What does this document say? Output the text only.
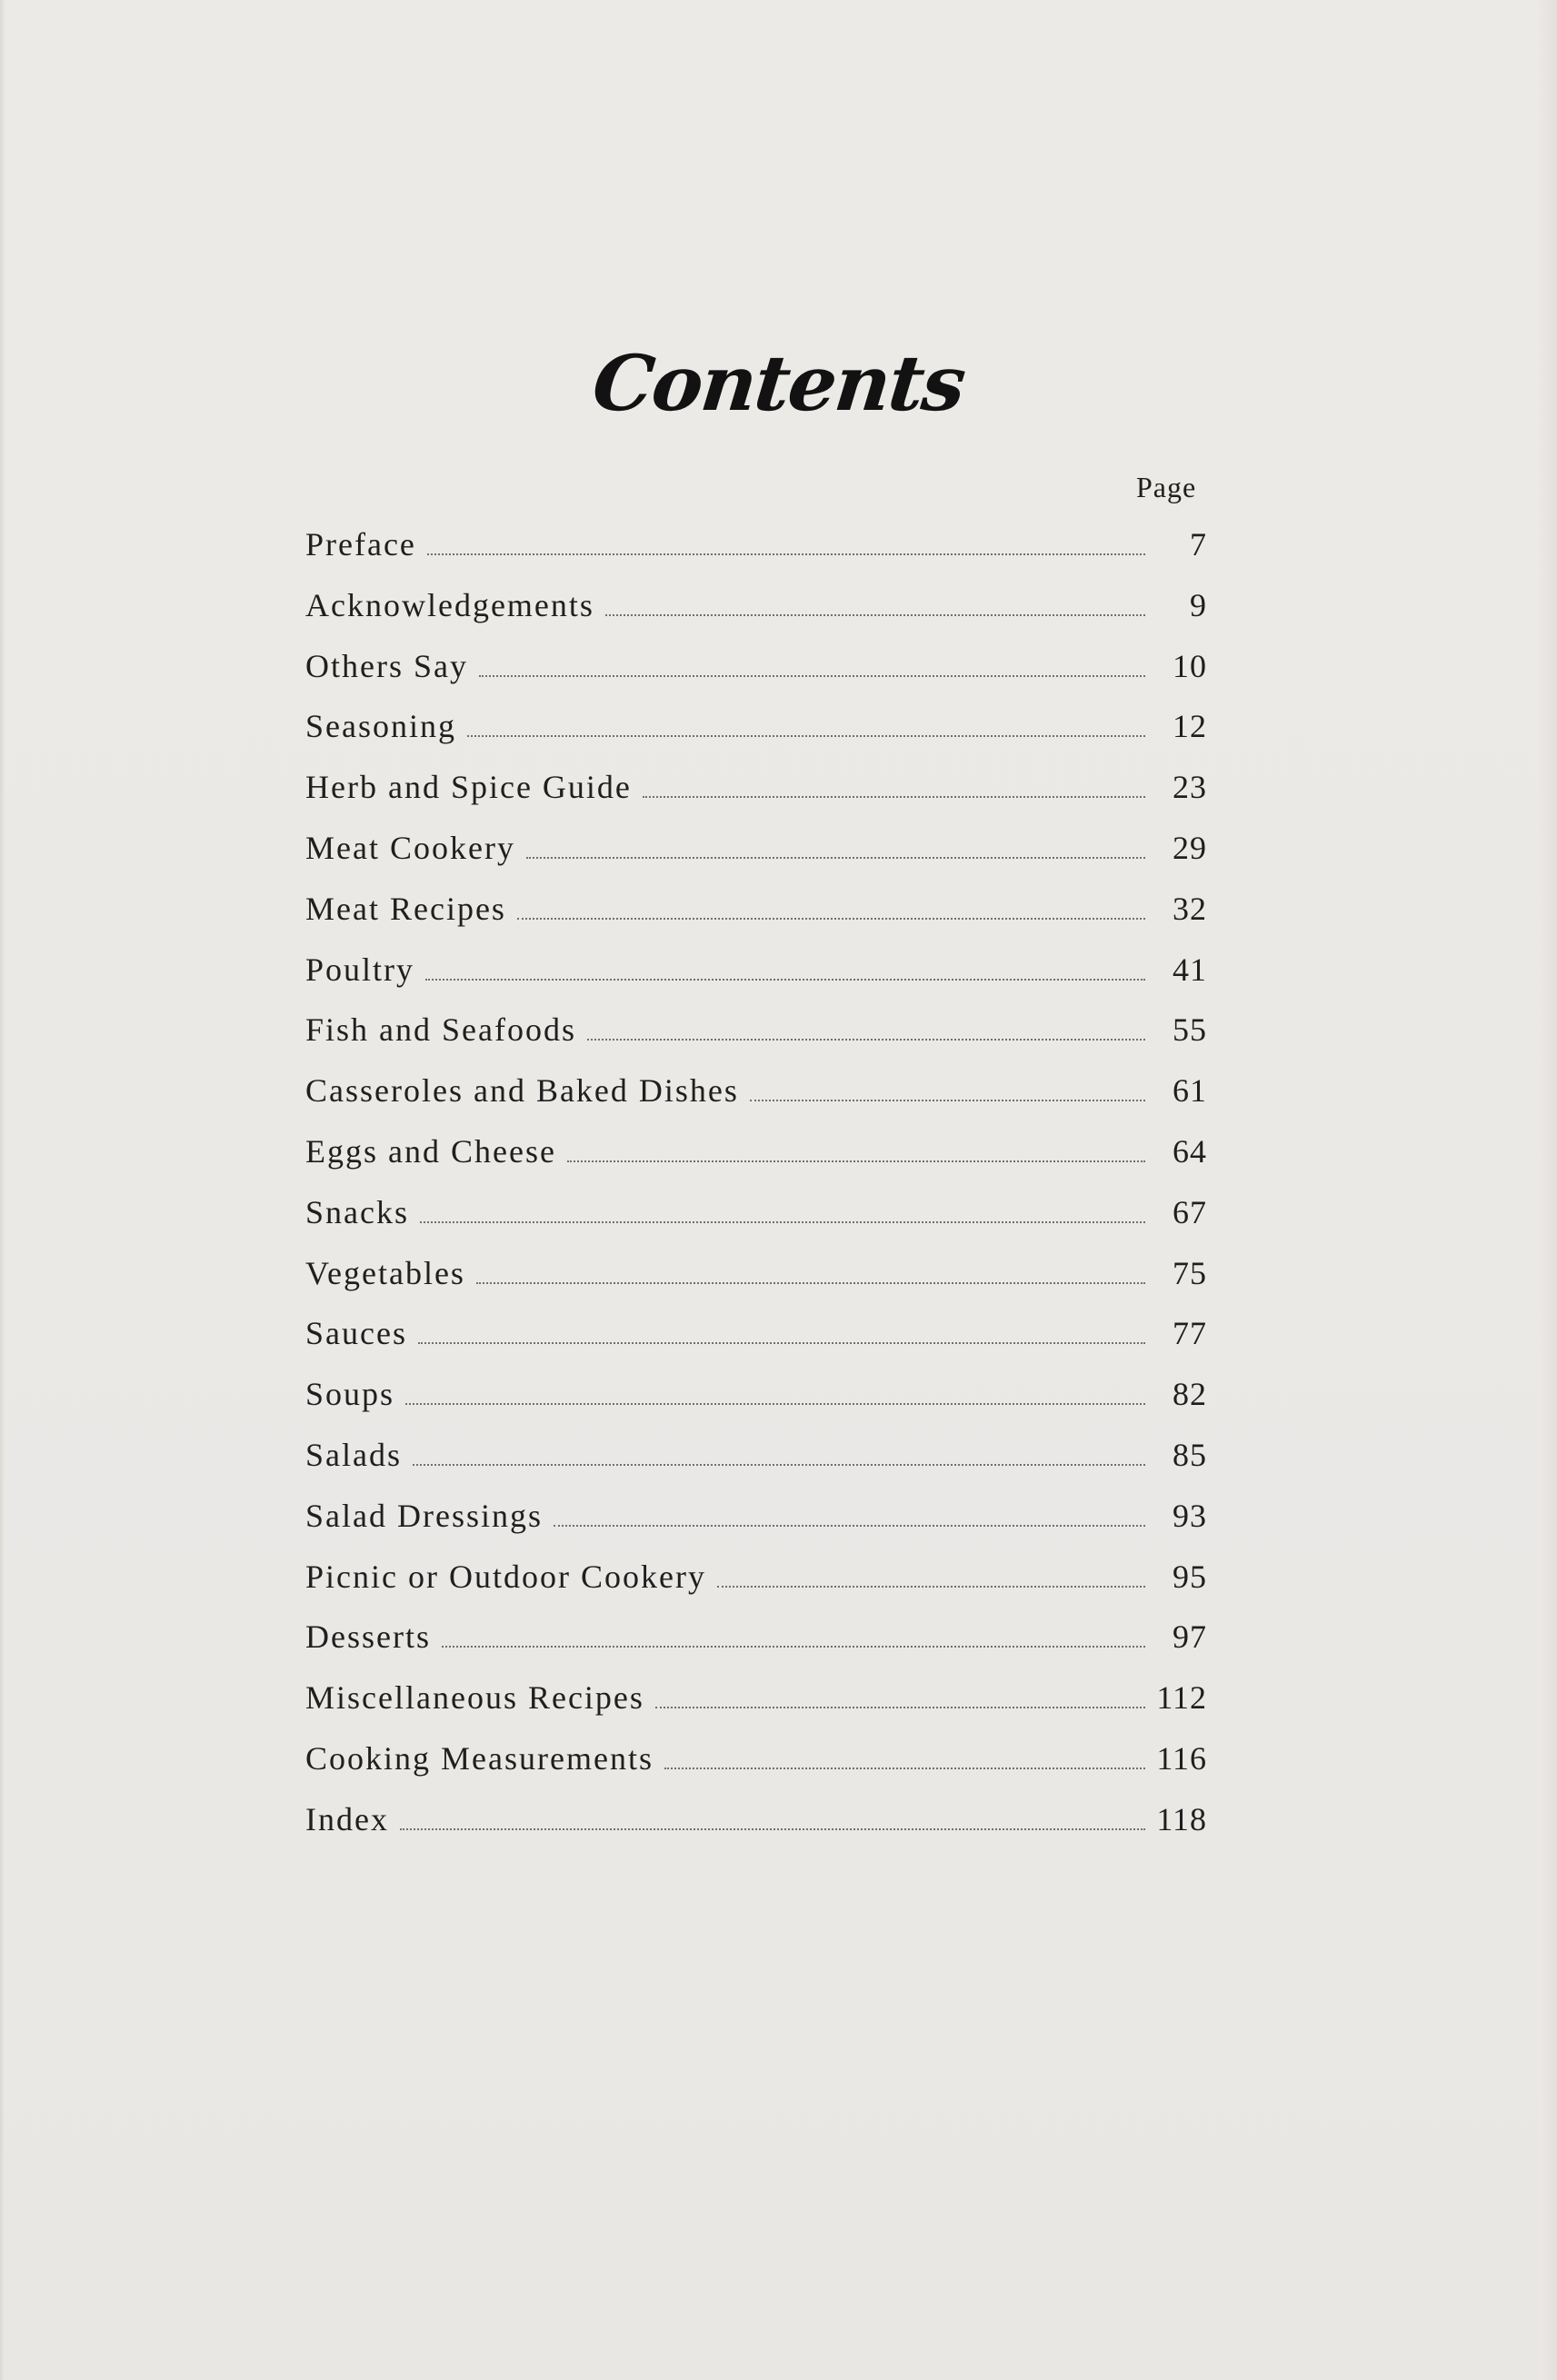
Contents
Page
Preface	7
Acknowledgements	9
Others Say	10
Seasoning	12
Herb and Spice Guide	23
Meat Cookery	29
Meat Recipes	32
Poultry	41
Fish and Seafoods	55
Casseroles and Baked Dishes	61
Eggs and Cheese	64
Snacks	67
Vegetables	75
Sauces	77
Soups	82
Salads	85
Salad Dressings	93
Picnic or Outdoor Cookery	95
Desserts	97
Miscellaneous Recipes	112
Cooking Measurements	116
Index	118
